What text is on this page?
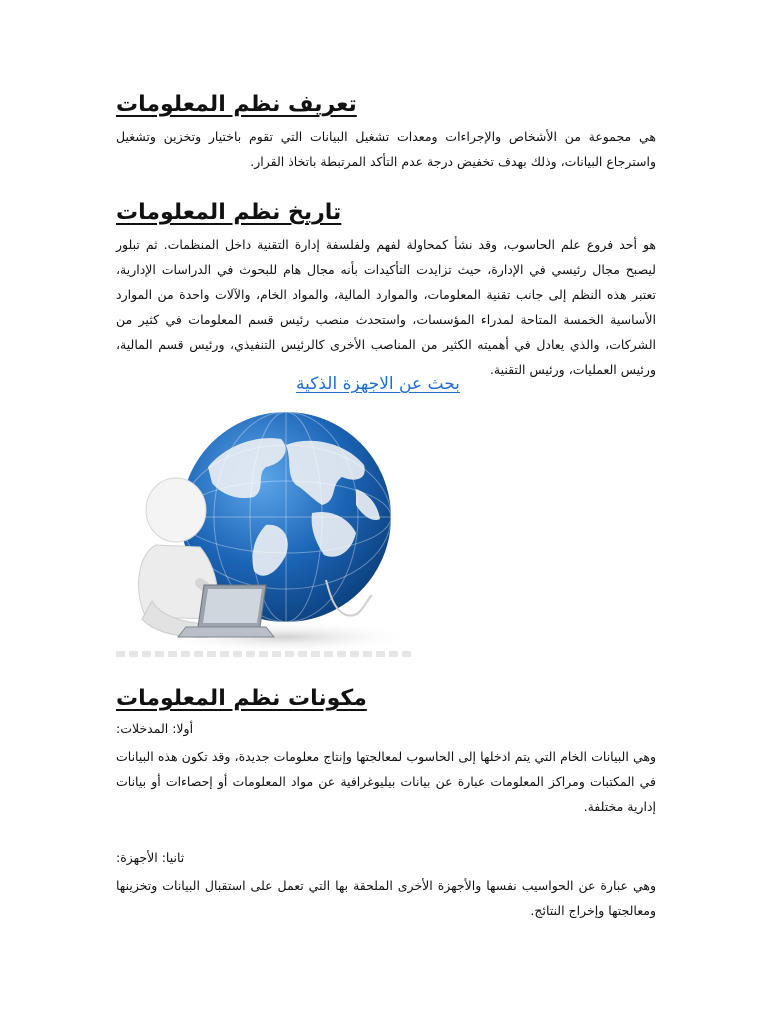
تعريف نظم المعلومات

هي مجموعة من الأشخاص والإجراءات ومعدات تشغيل البيانات التي تقوم باختيار وتخزين وتشغيل واسترجاع البيانات، وذلك بهدف تخفيض درجة عدم التأكد المرتبطة باتخاذ القرار.

تاريخ نظم المعلومات

هو أحد فروع علم الحاسوب، وقد نشأ كمحاولة لفهم ولفلسفة إدارة التقنية داخل المنظمات. ثم تبلور ليصبح مجال رئيسي في الإدارة، حيث تزايدت التأكيدات بأنه مجال هام للبحوث في الدراسات الإدارية، تعتبر هذه النظم إلى جانب تقنية المعلومات، والموارد المالية، والمواد الخام، والآلات واحدة من الموارد الأساسية الخمسة المتاحة لمدراء المؤسسات، واستحدث منصب رئيس قسم المعلومات في كثير من الشركات، والذي يعادل في أهميته الكثير من المناصب الأخرى كالرئيس التنفيذي، ورئيس قسم المالية، ورئيس العمليات، ورئيس التقنية.

بحث عن الاجهزة الذكية
مكونات نظم المعلومات

أولا: المدخلات:

وهي البيانات الخام التي يتم ادخلها إلى الحاسوب لمعالجتها وإنتاج معلومات جديدة، وقد تكون هذه البيانات في المكتبات ومراكز المعلومات عبارة عن بيانات بيليوغرافية عن مواد المعلومات أو إحصاءات أو بيانات إدارية مختلفة.

ثانيا: الأجهزة:

وهي عبارة عن الحواسيب نفسها والأجهزة الأخرى الملحقة بها التي تعمل على استقبال البيانات وتخزينها ومعالجتها وإخراج النتائج.
